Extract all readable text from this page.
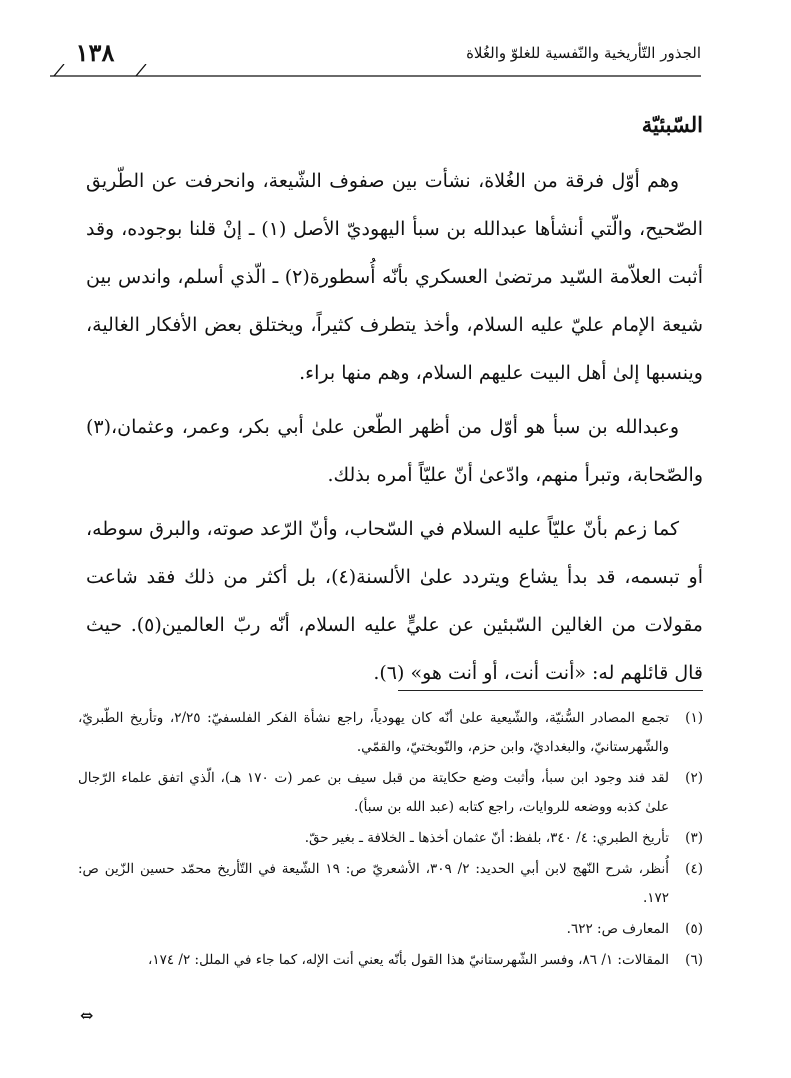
١٣٨	الجذور التّأريخية والنّفسية للغلوّ والغُلاة
السّبئيّة

وهم أوّل فرقة من الغُلاة، نشأت بين صفوف الشّيعة، وانحرفت عن الطّريق الصّحيح، والّتي أنشأها عبدالله بن سبأ اليهوديّ الأصل (١) ـ إنْ قلنا بوجوده، وقد أثبت العلاّمة السّيد مرتضىٰ العسكري بأنّه أُسطورة(٢) ـ الّذي أسلم، واندس بين شيعة الإمام عليّ عليه السلام، وأخذ يتطرف كثيراً، ويختلق بعض الأفكار الغالية، وينسبها إلىٰ أهل البيت عليهم السلام، وهم منها براء.

وعبدالله بن سبأ هو أوّل من أظهر الطّعن علىٰ أبي بكر، وعمر، وعثمان،(٣) والصّحابة، وتبرأ منهم، وادّعىٰ أنّ عليّاً أمره بذلك.

كما زعم بأنّ عليّاً عليه السلام في السّحاب، وأنّ الرّعد صوته، والبرق سوطه، أو تبسمه، قد بدأ يشاع ويتردد علىٰ الألسنة(٤)، بل أكثر من ذلك فقد شاعت مقولات من الغالين السّبئين عن عليٍّ عليه السلام، أنّه ربّ العالمين(٥). حيث قال قائلهم له: «أنت أنت، أو أنت هو» (٦).

(١)
تجمع المصادر السُّنيّة، والشّيعية علىٰ أنّه كان يهودياً، راجع نشأة الفكر الفلسفيّ: ٢/٢٥، وتأريخ الطّبريّ، والشّهرستانيّ، والبغداديّ، وابن حزم، والنّوبختيّ، والقمّي.
(٢)
لقد فند وجود ابن سبأ، وأثبت وضع حكايتة من قبل سيف بن عمر (ت ١٧٠ هـ)، الّذي اتفق علماء الرّجال علىٰ كذبه ووضعه للروايات، راجع كتابه (عبد الله بن سبأ).
(٣)
تأريخ الطبري: ٤/ ٣٤٠، بلفظ: أنّ عثمان أخذها ـ الخلافة ـ بغير حقّ.
(٤)
أُنظر، شرح النّهج لابن أبي الحديد: ٢/ ٣٠٩، الأشعريّ ص: ١٩ الشّيعة في التّأريخ محمّد حسين الزّين ص: ١٧٢.
(٥)
المعارف ص: ٦٢٢.
(٦)
المقالات: ١/ ٨٦، وفسر الشّهرستانيّ هذا القول بأنّه يعني أنت الإله، كما جاء في الملل: ٢/ ١٧٤،
⇔
